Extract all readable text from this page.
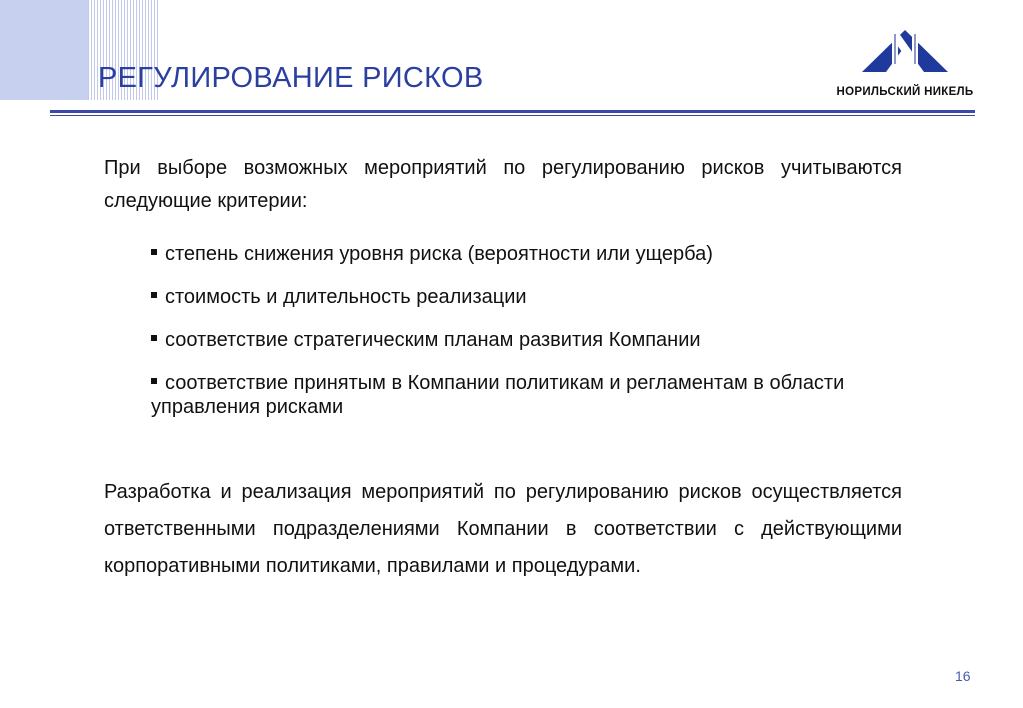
РЕГУЛИРОВАНИЕ РИСКОВ	НОРИЛЬСКИЙ НИКЕЛЬ

При выборе возможных мероприятий по регулированию рисков учитываются следующие критерии:

степень снижения уровня риска (вероятности или ущерба)
стоимость и длительность реализации
соответствие стратегическим планам развития Компании
соответствие принятым в Компании политикам и регламентам в области управления рисками

Разработка и реализация мероприятий по регулированию рисков осуществляется ответственными подразделениями Компании в соответствии с действующими корпоративными политиками, правилами и процедурами.

16
